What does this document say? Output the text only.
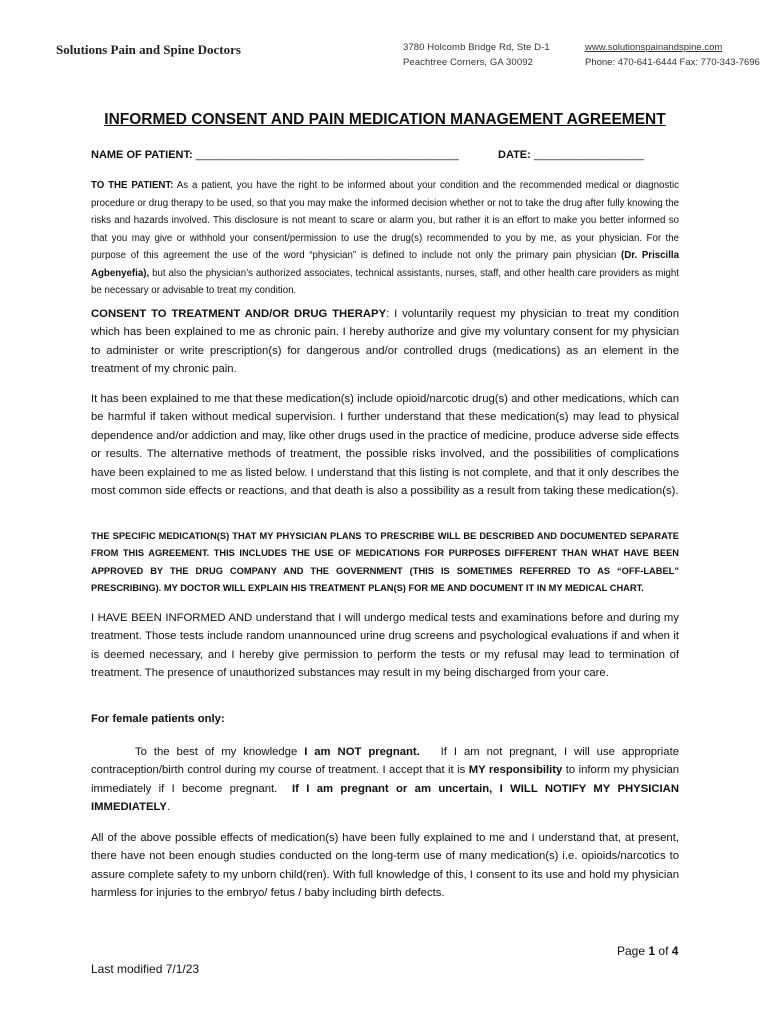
Solutions Pain and Spine Doctors	3780 Holcomb Bridge Rd, Ste D-1
Peachtree Corners, GA 30092
www.solutionspainandspine.com
Phone: 470-641-6444 Fax: 770-343-7696
INFORMED CONSENT AND PAIN MEDICATION MANAGEMENT AGREEMENT
NAME OF PATIENT: ___________________________________________	DATE: __________________

TO THE PATIENT: As a patient, you have the right to be informed about your condition and the recommended medical or diagnostic procedure or drug therapy to be used, so that you may make the informed decision whether or not to take the drug after fully knowing the risks and hazards involved. This disclosure is not meant to scare or alarm you, but rather it is an effort to make you better informed so that you may give or withhold your consent/permission to use the drug(s) recommended to you by me, as your physician. For the purpose of this agreement the use of the word “physician” is defined to include not only the primary pain physician (Dr. Priscilla Agbenyefia), but also the physician’s authorized associates, technical assistants, nurses, staff, and other health care providers as might be necessary or advisable to treat my condition.

CONSENT TO TREATMENT AND/OR DRUG THERAPY: I voluntarily request my physician to treat my condition which has been explained to me as chronic pain. I hereby authorize and give my voluntary consent for my physician to administer or write prescription(s) for dangerous and/or controlled drugs (medications) as an element in the treatment of my chronic pain.

It has been explained to me that these medication(s) include opioid/narcotic drug(s) and other medications, which can be harmful if taken without medical supervision. I further understand that these medication(s) may lead to physical dependence and/or addiction and may, like other drugs used in the practice of medicine, produce adverse side effects or results. The alternative methods of treatment, the possible risks involved, and the possibilities of complications have been explained to me as listed below. I understand that this listing is not complete, and that it only describes the most common side effects or reactions, and that death is also a possibility as a result from taking these medication(s).

THE SPECIFIC MEDICATION(S) THAT MY PHYSICIAN PLANS TO PRESCRIBE WILL BE DESCRIBED AND DOCUMENTED SEPARATE FROM THIS AGREEMENT. THIS INCLUDES THE USE OF MEDICATIONS FOR PURPOSES DIFFERENT THAN WHAT HAVE BEEN APPROVED BY THE DRUG COMPANY AND THE GOVERNMENT (THIS IS SOMETIMES REFERRED TO AS “OFF-LABEL” PRESCRIBING). MY DOCTOR WILL EXPLAIN HIS TREATMENT PLAN(S) FOR ME AND DOCUMENT IT IN MY MEDICAL CHART.

I HAVE BEEN INFORMED AND understand that I will undergo medical tests and examinations before and during my treatment. Those tests include random unannounced urine drug screens and psychological evaluations if and when it is deemed necessary, and I hereby give permission to perform the tests or my refusal may lead to termination of treatment. The presence of unauthorized substances may result in my being discharged from your care.

For female patients only:

To the best of my knowledge I am NOT pregnant. If I am not pregnant, I will use appropriate contraception/birth control during my course of treatment. I accept that it is MY responsibility to inform my physician immediately if I become pregnant. If I am pregnant or am uncertain, I WILL NOTIFY MY PHYSICIAN IMMEDIATELY.

All of the above possible effects of medication(s) have been fully explained to me and I understand that, at present, there have not been enough studies conducted on the long-term use of many medication(s) i.e. opioids/narcotics to assure complete safety to my unborn child(ren). With full knowledge of this, I consent to its use and hold my physician harmless for injuries to the embryo/ fetus / baby including birth defects.

Page 1 of 4
Last modified 7/1/23
